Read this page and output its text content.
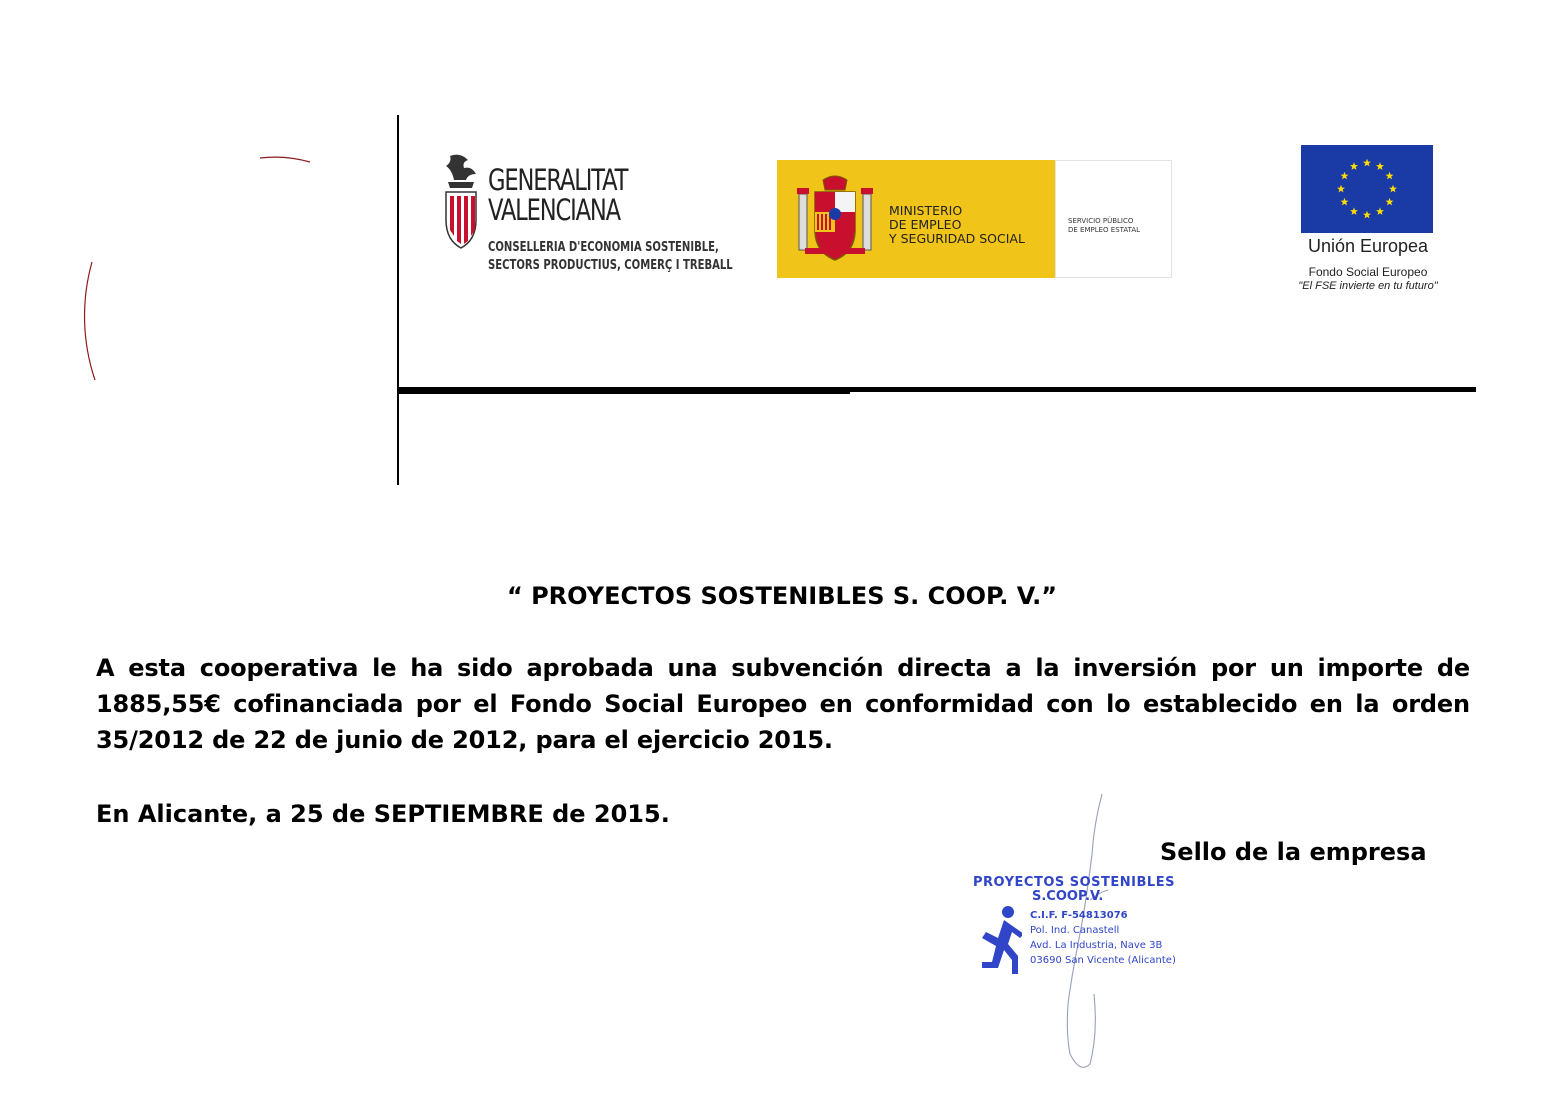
GENERALITAT
VALENCIANA
CONSELLERIA D'ECONOMIA SOSTENIBLE,
SECTORS PRODUCTIUS, COMERÇ I TREBALL
MINISTERIO
DE EMPLEO
Y SEGURIDAD SOCIAL
SERVICIO PÚBLICO
DE EMPLEO ESTATAL
Unión Europea
Fondo Social Europeo
"El FSE invierte en tu futuro"
“ PROYECTOS SOSTENIBLES S. COOP. V.”
A esta cooperativa le ha sido aprobada una subvención directa a la inversión por un importe de 1885,55€ cofinanciada por el Fondo Social Europeo en conformidad con lo establecido en la orden 35/2012 de 22 de junio de 2012, para el ejercicio 2015.
En Alicante, a 25 de SEPTIEMBRE de 2015.
Sello de la empresa
PROYECTOS SOSTENIBLES
S.COOP.V.
C.I.F. F-54813076
Pol. Ind. Canastell
Avd. La Industria, Nave 3B
03690 San Vicente (Alicante)
